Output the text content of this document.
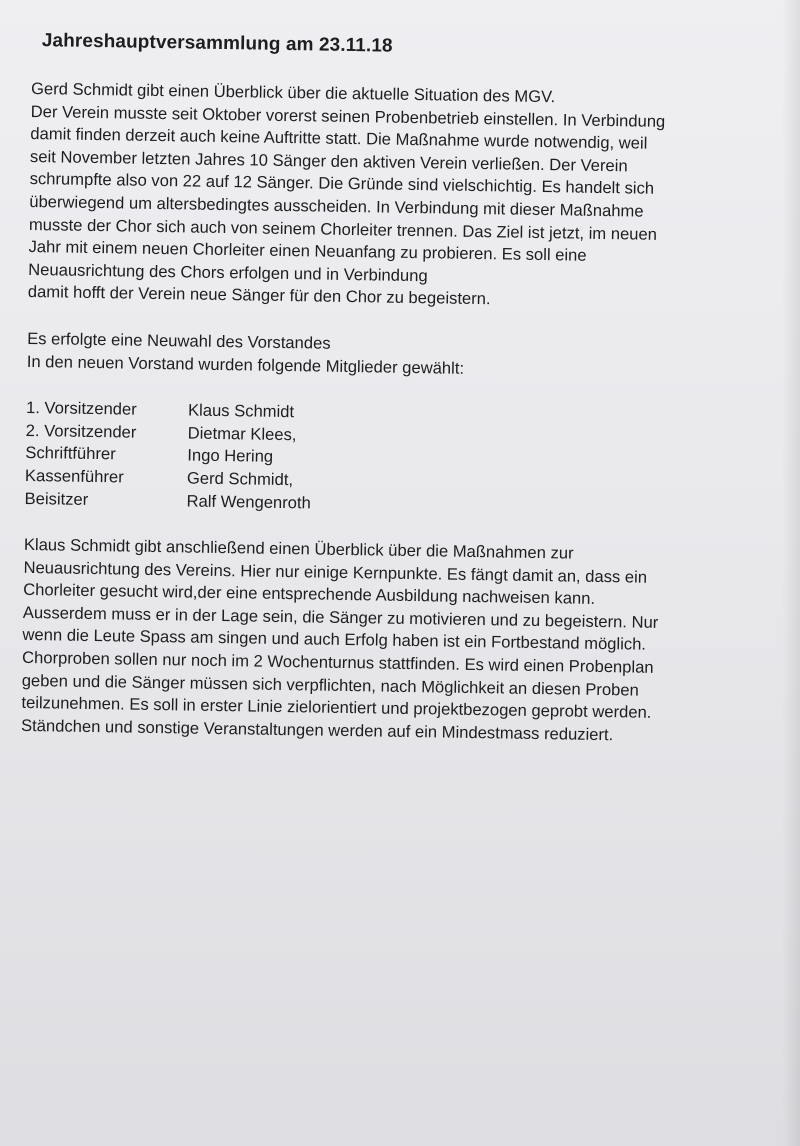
Jahreshauptversammlung am 23.11.18

Gerd Schmidt gibt einen Überblick über die aktuelle Situation des MGV.
Der Verein musste seit Oktober vorerst seinen Probenbetrieb einstellen. In Verbindung
damit finden derzeit auch keine Auftritte statt. Die Maßnahme wurde notwendig, weil
seit November letzten Jahres 10 Sänger den aktiven Verein verließen. Der Verein
schrumpfte also von 22 auf 12 Sänger. Die Gründe sind vielschichtig. Es handelt sich
überwiegend um altersbedingtes ausscheiden. In Verbindung mit dieser Maßnahme
musste der Chor sich auch von seinem Chorleiter trennen. Das Ziel ist jetzt, im neuen
Jahr mit einem neuen Chorleiter einen Neuanfang zu probieren. Es soll eine
Neuausrichtung des Chors erfolgen und in Verbindung
damit hofft der Verein neue Sänger für den Chor zu begeistern.

Es erfolgte eine Neuwahl des Vorstandes
In den neuen Vorstand wurden folgende Mitglieder gewählt:

1. Vorsitzender	Klaus Schmidt
2. Vorsitzender	Dietmar Klees,
Schriftführer	Ingo Hering
Kassenführer	Gerd Schmidt,
Beisitzer	Ralf Wengenroth

Klaus Schmidt gibt anschließend einen Überblick über die Maßnahmen zur
Neuausrichtung des Vereins. Hier nur einige Kernpunkte. Es fängt damit an, dass ein
Chorleiter gesucht wird,der eine entsprechende Ausbildung nachweisen kann.
Ausserdem muss er in der Lage sein, die Sänger zu motivieren und zu begeistern. Nur
wenn die Leute Spass am singen und auch Erfolg haben ist ein Fortbestand möglich.
Chorproben sollen nur noch im 2 Wochenturnus stattfinden. Es wird einen Probenplan
geben und die Sänger müssen sich verpflichten, nach Möglichkeit an diesen Proben
teilzunehmen. Es soll in erster Linie zielorientiert und projektbezogen geprobt werden.
Ständchen und sonstige Veranstaltungen werden auf ein Mindestmass reduziert.
